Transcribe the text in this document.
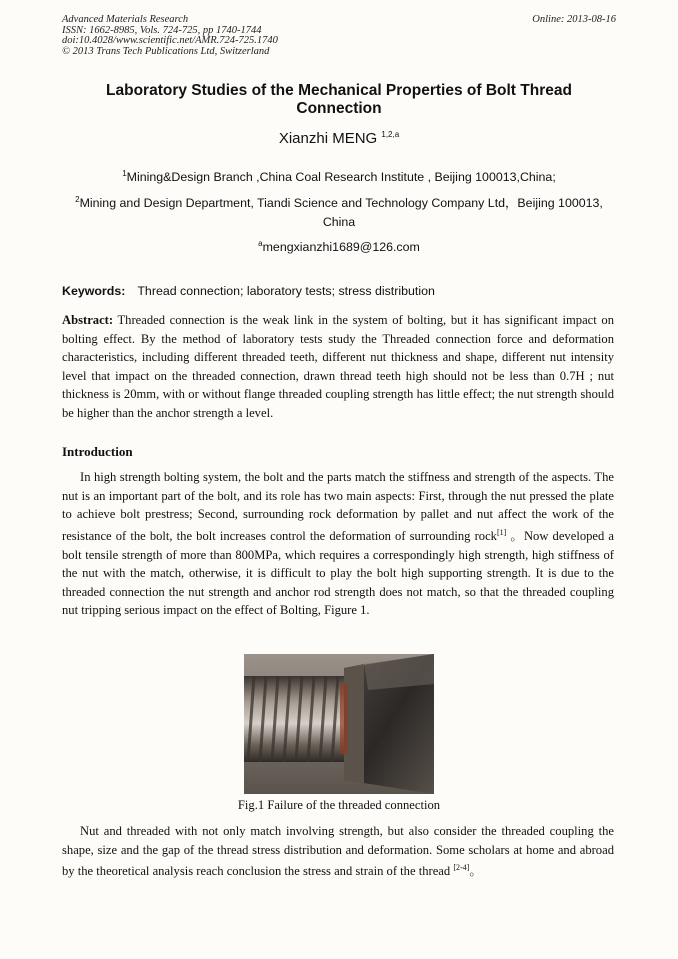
Advanced Materials Research
ISSN: 1662-8985, Vols. 724-725, pp 1740-1744
doi:10.4028/www.scientific.net/AMR.724-725.1740
© 2013 Trans Tech Publications Ltd, Switzerland
Online: 2013-08-16
Laboratory Studies of the Mechanical Properties of Bolt Thread
Connection
Xianzhi MENG $^{1,2,a}$
$^1$Mining&Design Branch ,China Coal Research Institute , Beijing 100013,China;
$^2$Mining and Design Department, Tiandi Science and Technology Company Ltd，Beijing 100013,
China
$^a$mengxianzhi1689@126.com
Keywords: Thread connection; laboratory tests; stress distribution
Abstract: Threaded connection is the weak link in the system of bolting, but it has significant impact on bolting effect. By the method of laboratory tests study the Threaded connection force and deformation characteristics, including different threaded teeth, different nut thickness and shape, different nut intensity level that impact on the threaded connection, drawn thread teeth high should not be less than 0.7H ; nut thickness is 20mm, with or without flange threaded coupling strength has little effect; the nut strength should be higher than the anchor strength a level.
Introduction
In high strength bolting system, the bolt and the parts match the stiffness and strength of the aspects. The nut is an important part of the bolt, and its role has two main aspects: First, through the nut pressed the plate to achieve bolt prestress; Second, surrounding rock deformation by pallet and nut affect the work of the resistance of the bolt, the bolt increases control the deformation of surrounding rock[1] 。Now developed a bolt tensile strength of more than 800MPa, which requires a correspondingly high strength, high stiffness of the nut with the match, otherwise, it is difficult to play the bolt high supporting strength. It is due to the threaded connection the nut strength and anchor rod strength does not match, so that the threaded coupling nut tripping serious impact on the effect of Bolting, Figure 1.
Fig.1 Failure of the threaded connection
Nut and threaded with not only match involving strength, but also consider the threaded coupling the shape, size and the gap of the thread stress distribution and deformation. Some scholars at home and abroad by the theoretical analysis reach conclusion the stress and strain of the thread [2-4]。
